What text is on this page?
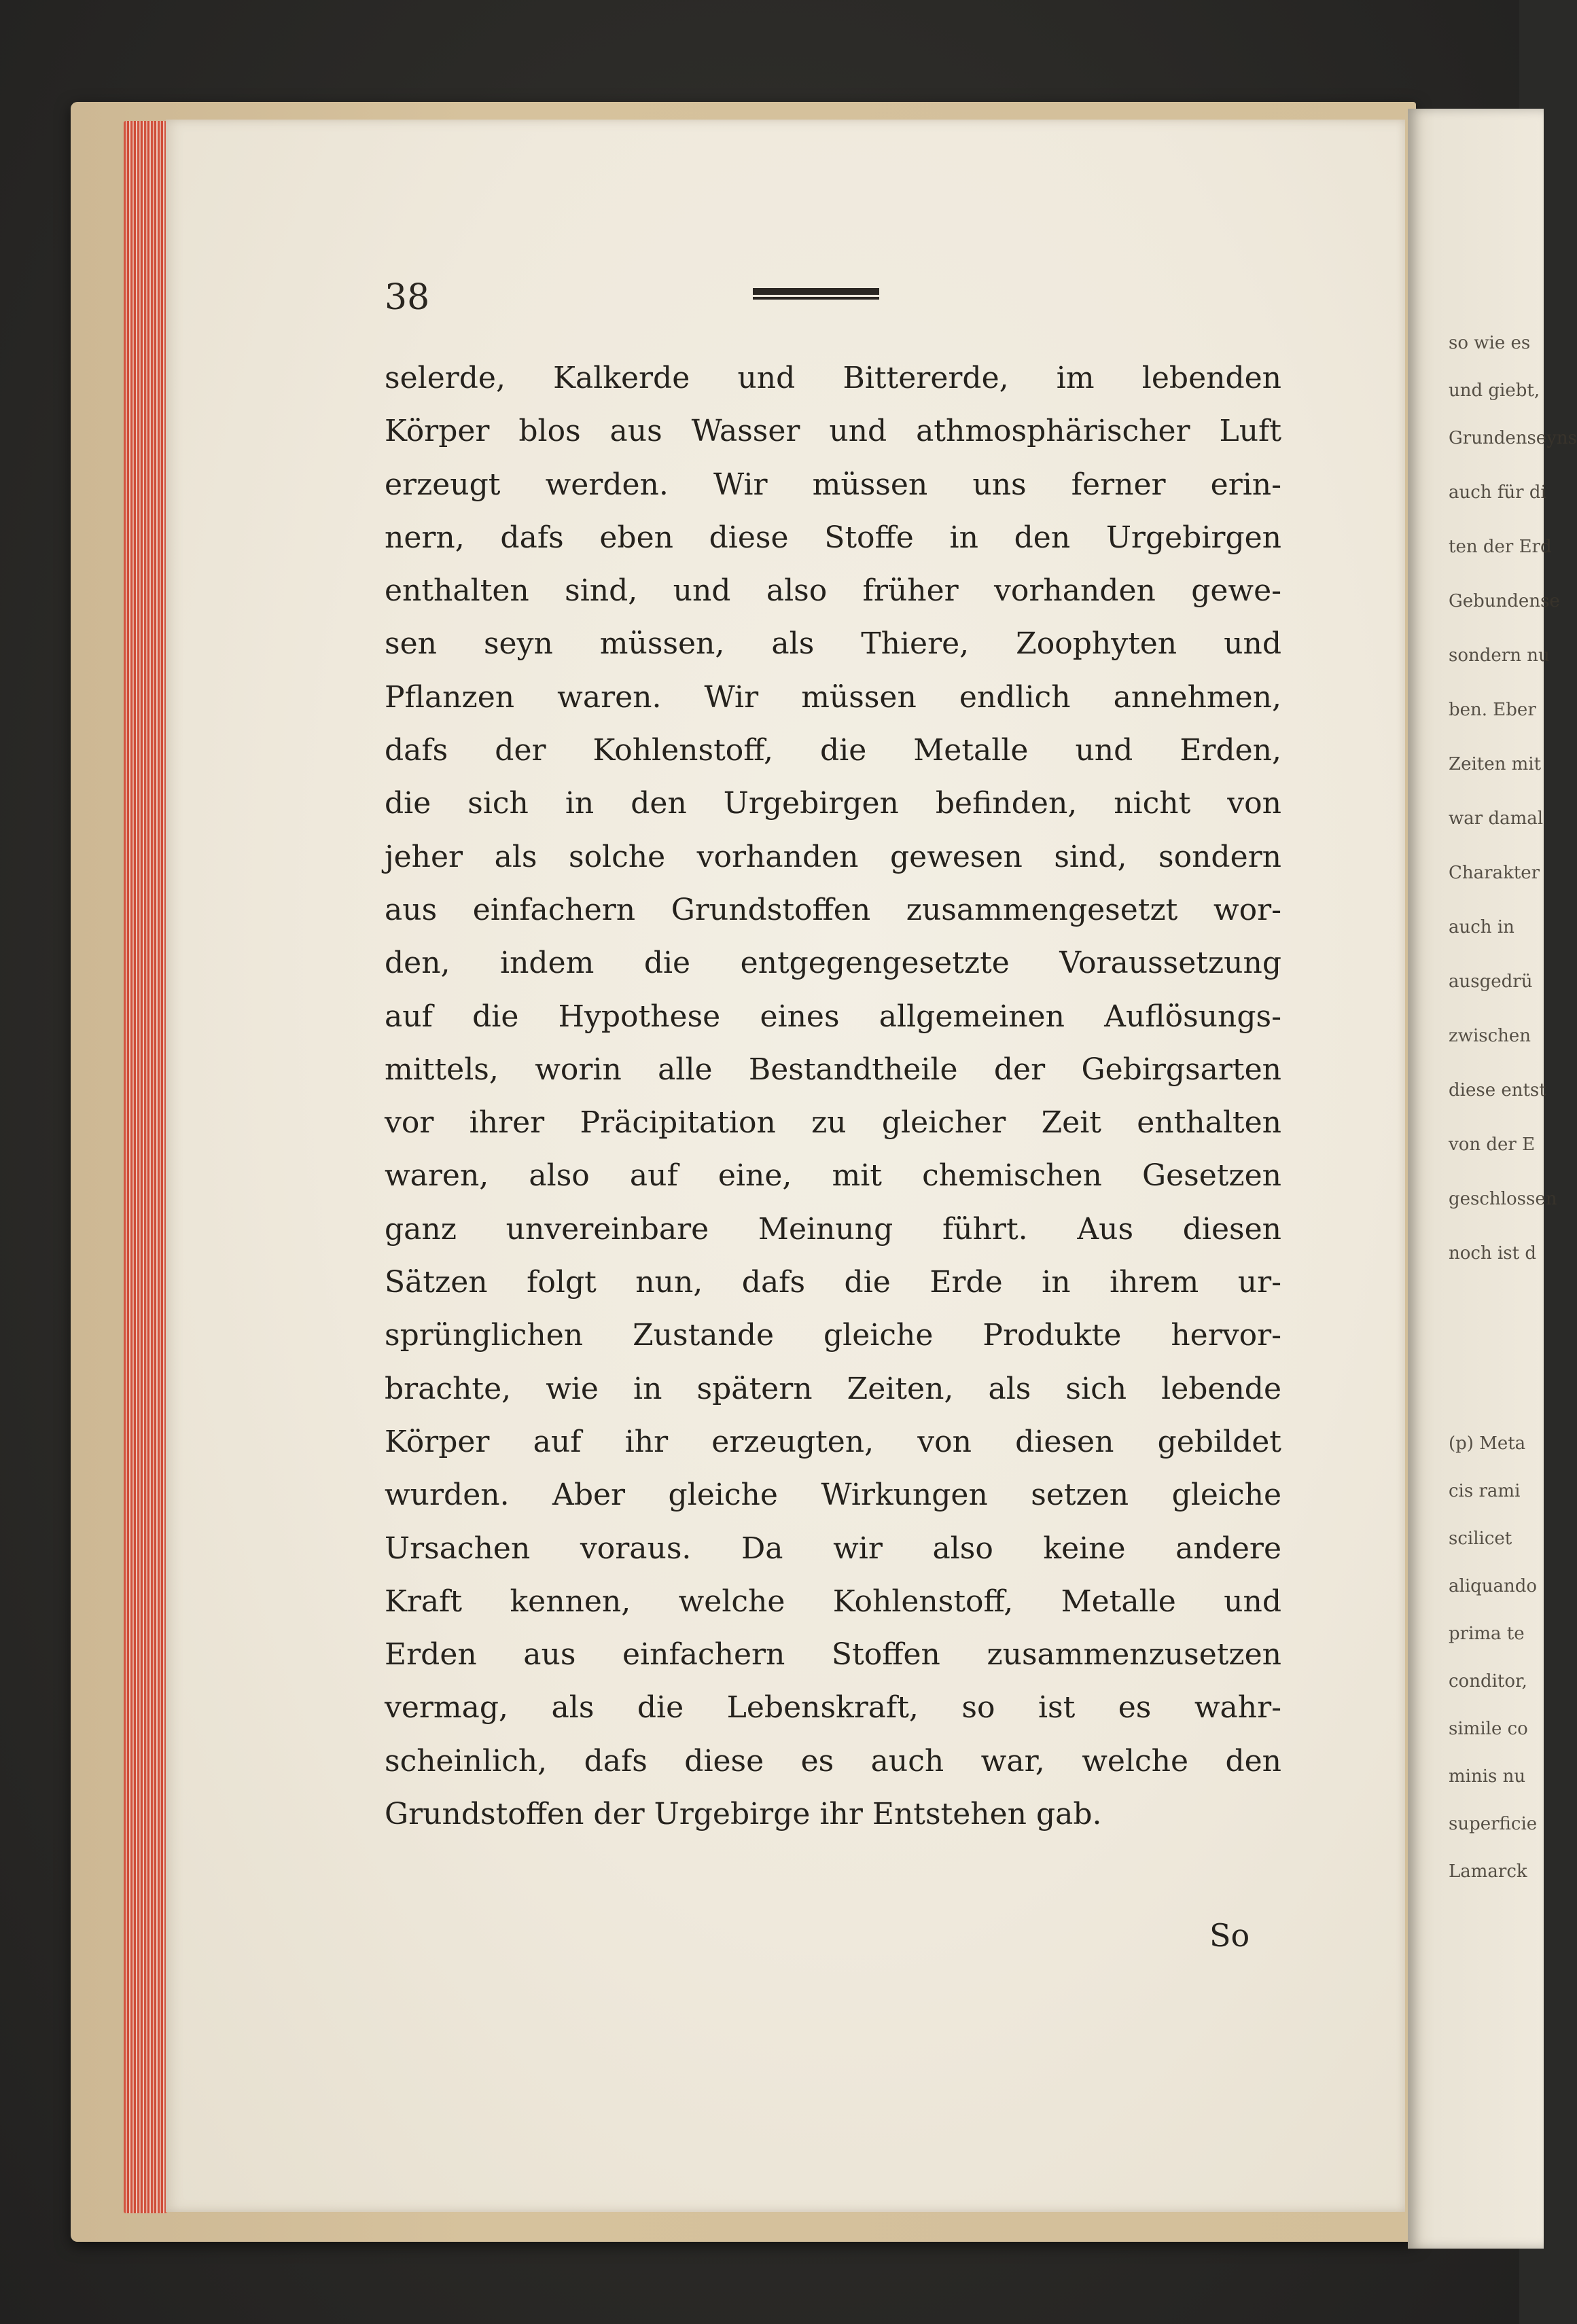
38
selerde, Kalkerde und Bittererde, im lebenden
Körper blos aus Wasser und athmosphärischer Luft
erzeugt werden. Wir müssen uns ferner erin-
nern, dafs eben diese Stoffe in den Urgebirgen
enthalten sind, und also früher vorhanden gewe-
sen seyn müssen, als Thiere, Zoophyten und
Pflanzen waren. Wir müssen endlich annehmen,
dafs der Kohlenstoff, die Metalle und Erden,
die sich in den Urgebirgen befinden, nicht von
jeher als solche vorhanden gewesen sind, sondern
aus einfachern Grundstoffen zusammengesetzt wor-
den, indem die entgegengesetzte Voraussetzung
auf die Hypothese eines allgemeinen Auflösungs-
mittels, worin alle Bestandtheile der Gebirgsarten
vor ihrer Präcipitation zu gleicher Zeit enthalten
waren, also auf eine, mit chemischen Gesetzen
ganz unvereinbare Meinung führt. Aus diesen
Sätzen folgt nun, dafs die Erde in ihrem ur-
sprünglichen Zustande gleiche Produkte hervor-
brachte, wie in spätern Zeiten, als sich lebende
Körper auf ihr erzeugten, von diesen gebildet
wurden. Aber gleiche Wirkungen setzen gleiche
Ursachen voraus. Da wir also keine andere
Kraft kennen, welche Kohlenstoff, Metalle und
Erden aus einfachern Stoffen zusammenzusetzen
vermag, als die Lebenskraft, so ist es wahr-
scheinlich, dafs diese es auch war, welche den
Grundstoffen der Urgebirge ihr Entstehen gab.
So
so wie es
und giebt,
Grundenseyns
auch für di
ten der Erd
Gebundense
sondern nu
ben. Eber
Zeiten mit
war damal
Charakter
auch in
ausgedrü
zwischen
diese entst
von der E
geschlossen
noch ist d
(p) Meta
cis rami
scilicet
aliquando
prima te
conditor,
simile co
minis nu
superficie
Lamarck
